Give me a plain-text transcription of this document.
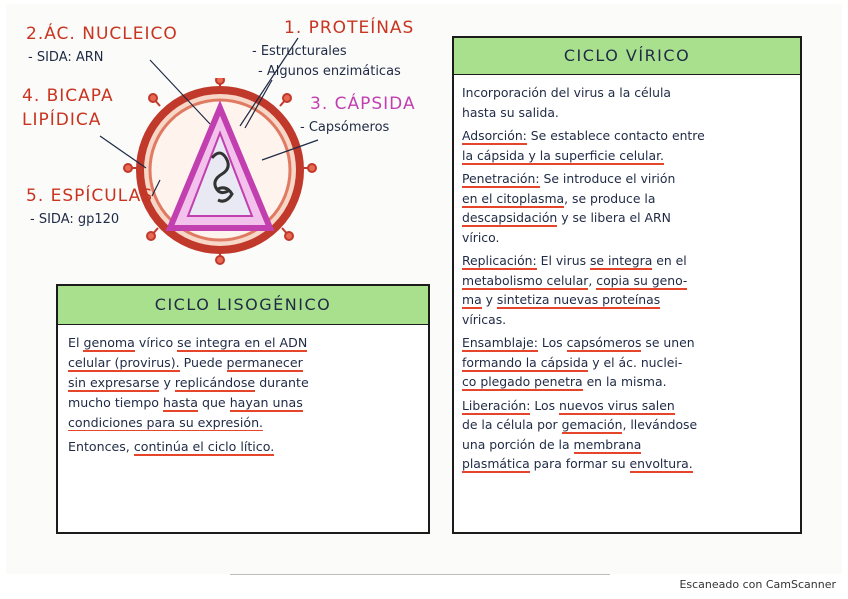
2.ÁC. NUCLEICO
- SIDA: ARN
1. PROTEÍNAS
- Estructurales
- Algunos enzimáticas
4. BICAPA
LIPÍDICA
3. CÁPSIDA
- Capsómeros
5. ESPÍCULAS
- SIDA: gp120
CICLO LISOGÉNICO
El genoma vírico se integra en el ADN
celular (provirus). Puede permanecer
sin expresarse y replicándose durante
mucho tiempo hasta que hayan unas
condiciones para su expresión.
Entonces, continúa el ciclo lítico.
CICLO VÍRICO
Incorporación del virus a la célula
hasta su salida.
Adsorción: Se establece contacto entre
la cápsida y la superficie celular.
Penetración: Se introduce el virión
en el citoplasma, se produce la
descapsidación y se libera el ARN
vírico.
Replicación: El virus se integra en el
metabolismo celular, copia su geno-
ma y sintetiza nuevas proteínas
víricas.
Ensamblaje: Los capsómeros se unen
formando la cápsida y el ác. nuclei-
co plegado penetra en la misma.
Liberación: Los nuevos virus salen
de la célula por gemación, llevándose
una porción de la membrana
plasmática para formar su envoltura.
Escaneado con CamScanner
